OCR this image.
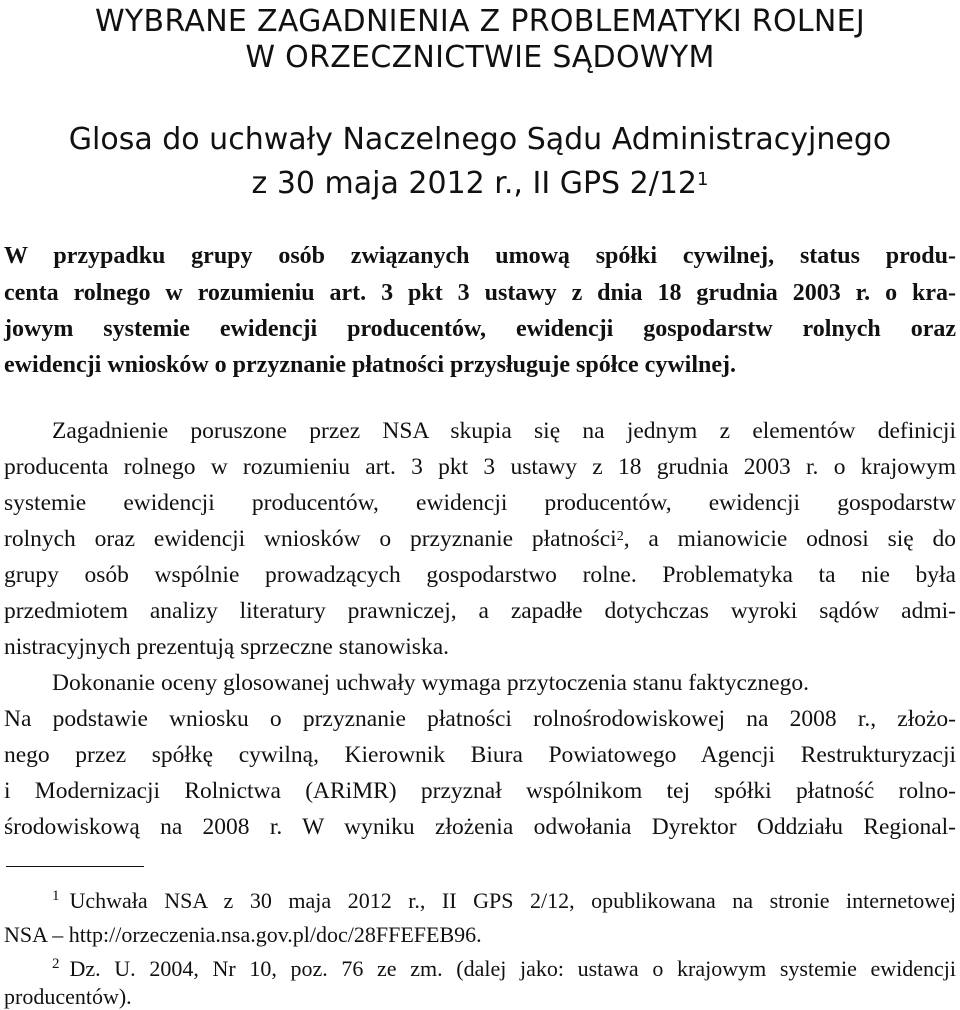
WYBRANE ZAGADNIENIA Z PROBLEMATYKI ROLNEJ
W ORZECZNICTWIE SĄDOWYM
Glosa do uchwały Naczelnego Sądu Administracyjnego
z 30 maja 2012 r., II GPS $2/12^1$
W przypadku grupy osób związanych umową spółki cywilnej, status produ-
centa rolnego w rozumieniu art. 3 pkt 3 ustawy z dnia 18 grudnia 2003 r. o kra-
jowym systemie ewidencji producentów, ewidencji gospodarstw rolnych oraz
ewidencji wniosków o przyznanie płatności przysługuje spółce cywilnej.
Zagadnienie poruszone przez NSA skupia się na jednym z elementów definicji
producenta rolnego w rozumieniu art. 3 pkt 3 ustawy z 18 grudnia 2003 r. o krajowym
systemie ewidencji producentów, ewidencji producentów, ewidencji gospodarstw
rolnych oraz ewidencji wniosków o przyznanie płatności$^2$, a mianowicie odnosi się do
grupy osób wspólnie prowadzących gospodarstwo rolne. Problematyka ta nie była
przedmiotem analizy literatury prawniczej, a zapadłe dotychczas wyroki sądów admi-
nistracyjnych prezentują sprzeczne stanowiska.
Dokonanie oceny glosowanej uchwały wymaga przytoczenia stanu faktycznego.
Na podstawie wniosku o przyznanie płatności rolnośrodowiskowej na 2008 r., złożo-
nego przez spółkę cywilną, Kierownik Biura Powiatowego Agencji Restrukturyzacji
i Modernizacji Rolnictwa (ARiMR) przyznał wspólnikom tej spółki płatność rolno-
środowiskową na 2008 r. W wyniku złożenia odwołania Dyrektor Oddziału Regional-
$^1$ Uchwała NSA z 30 maja 2012 r., II GPS 2/12, opublikowana na stronie internetowej
NSA – http://orzeczenia.nsa.gov.pl/doc/28FFEFEB96.
$^2$ Dz. U. 2004, Nr 10, poz. 76 ze zm. (dalej jako: ustawa o krajowym systemie ewidencji
producentów).
